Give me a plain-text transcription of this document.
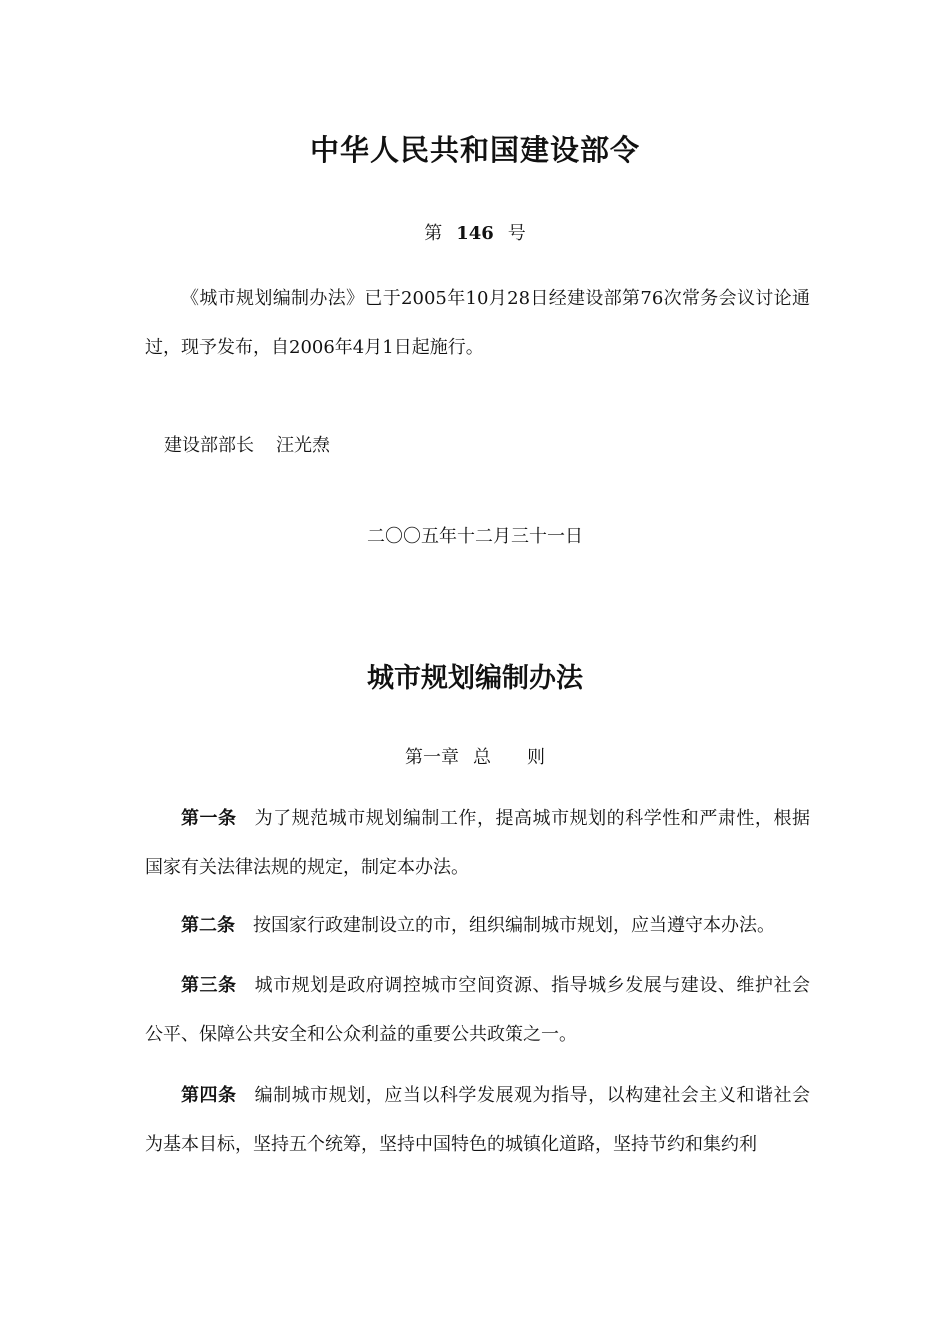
中华人民共和国建设部令

第 146 号

《城市规划编制办法》已于2005年10月28日经建设部第76次常务会议讨论通过，现予发布，自2006年4月1日起施行。

建设部部长 汪光焘

二〇〇五年十二月三十一日

城市规划编制办法

第一章 总 则

第一条 为了规范城市规划编制工作，提高城市规划的科学性和严肃性，根据国家有关法律法规的规定，制定本办法。

第二条 按国家行政建制设立的市，组织编制城市规划，应当遵守本办法。

第三条 城市规划是政府调控城市空间资源、指导城乡发展与建设、维护社会公平、保障公共安全和公众利益的重要公共政策之一。

第四条 编制城市规划，应当以科学发展观为指导，以构建社会主义和谐社会为基本目标，坚持五个统筹，坚持中国特色的城镇化道路，坚持节约和集约利
